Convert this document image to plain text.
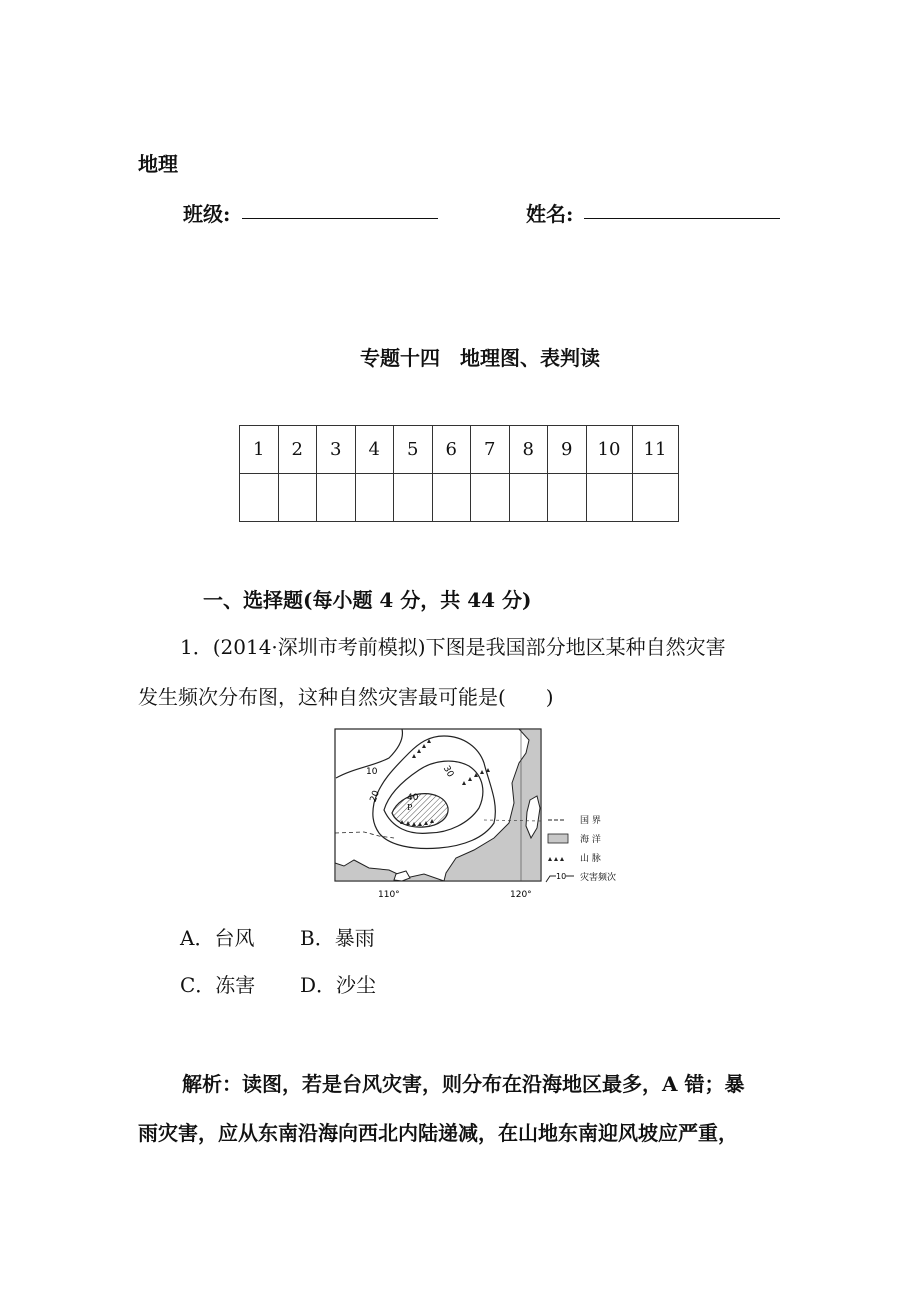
地理
班级:	姓名:
专题十四　地理图、表判读
1	2	3	4	5	6	7	8	9	10	11

一、选择题(每小题 4 分，共 44 分)
1．(2014·深圳市考前模拟)下图是我国部分地区某种自然灾害
发生频次分布图，这种自然灾害最可能是(　　)
10
20
30
40
P
110°	120°
国 界
海 洋
山 脉
10 灾害频次
A．台风 B．暴雨
C．冻害 D．沙尘
解析：读图，若是台风灾害，则分布在沿海地区最多，A 错；暴
雨灾害，应从东南沿海向西北内陆递减，在山地东南迎风坡应严重，
